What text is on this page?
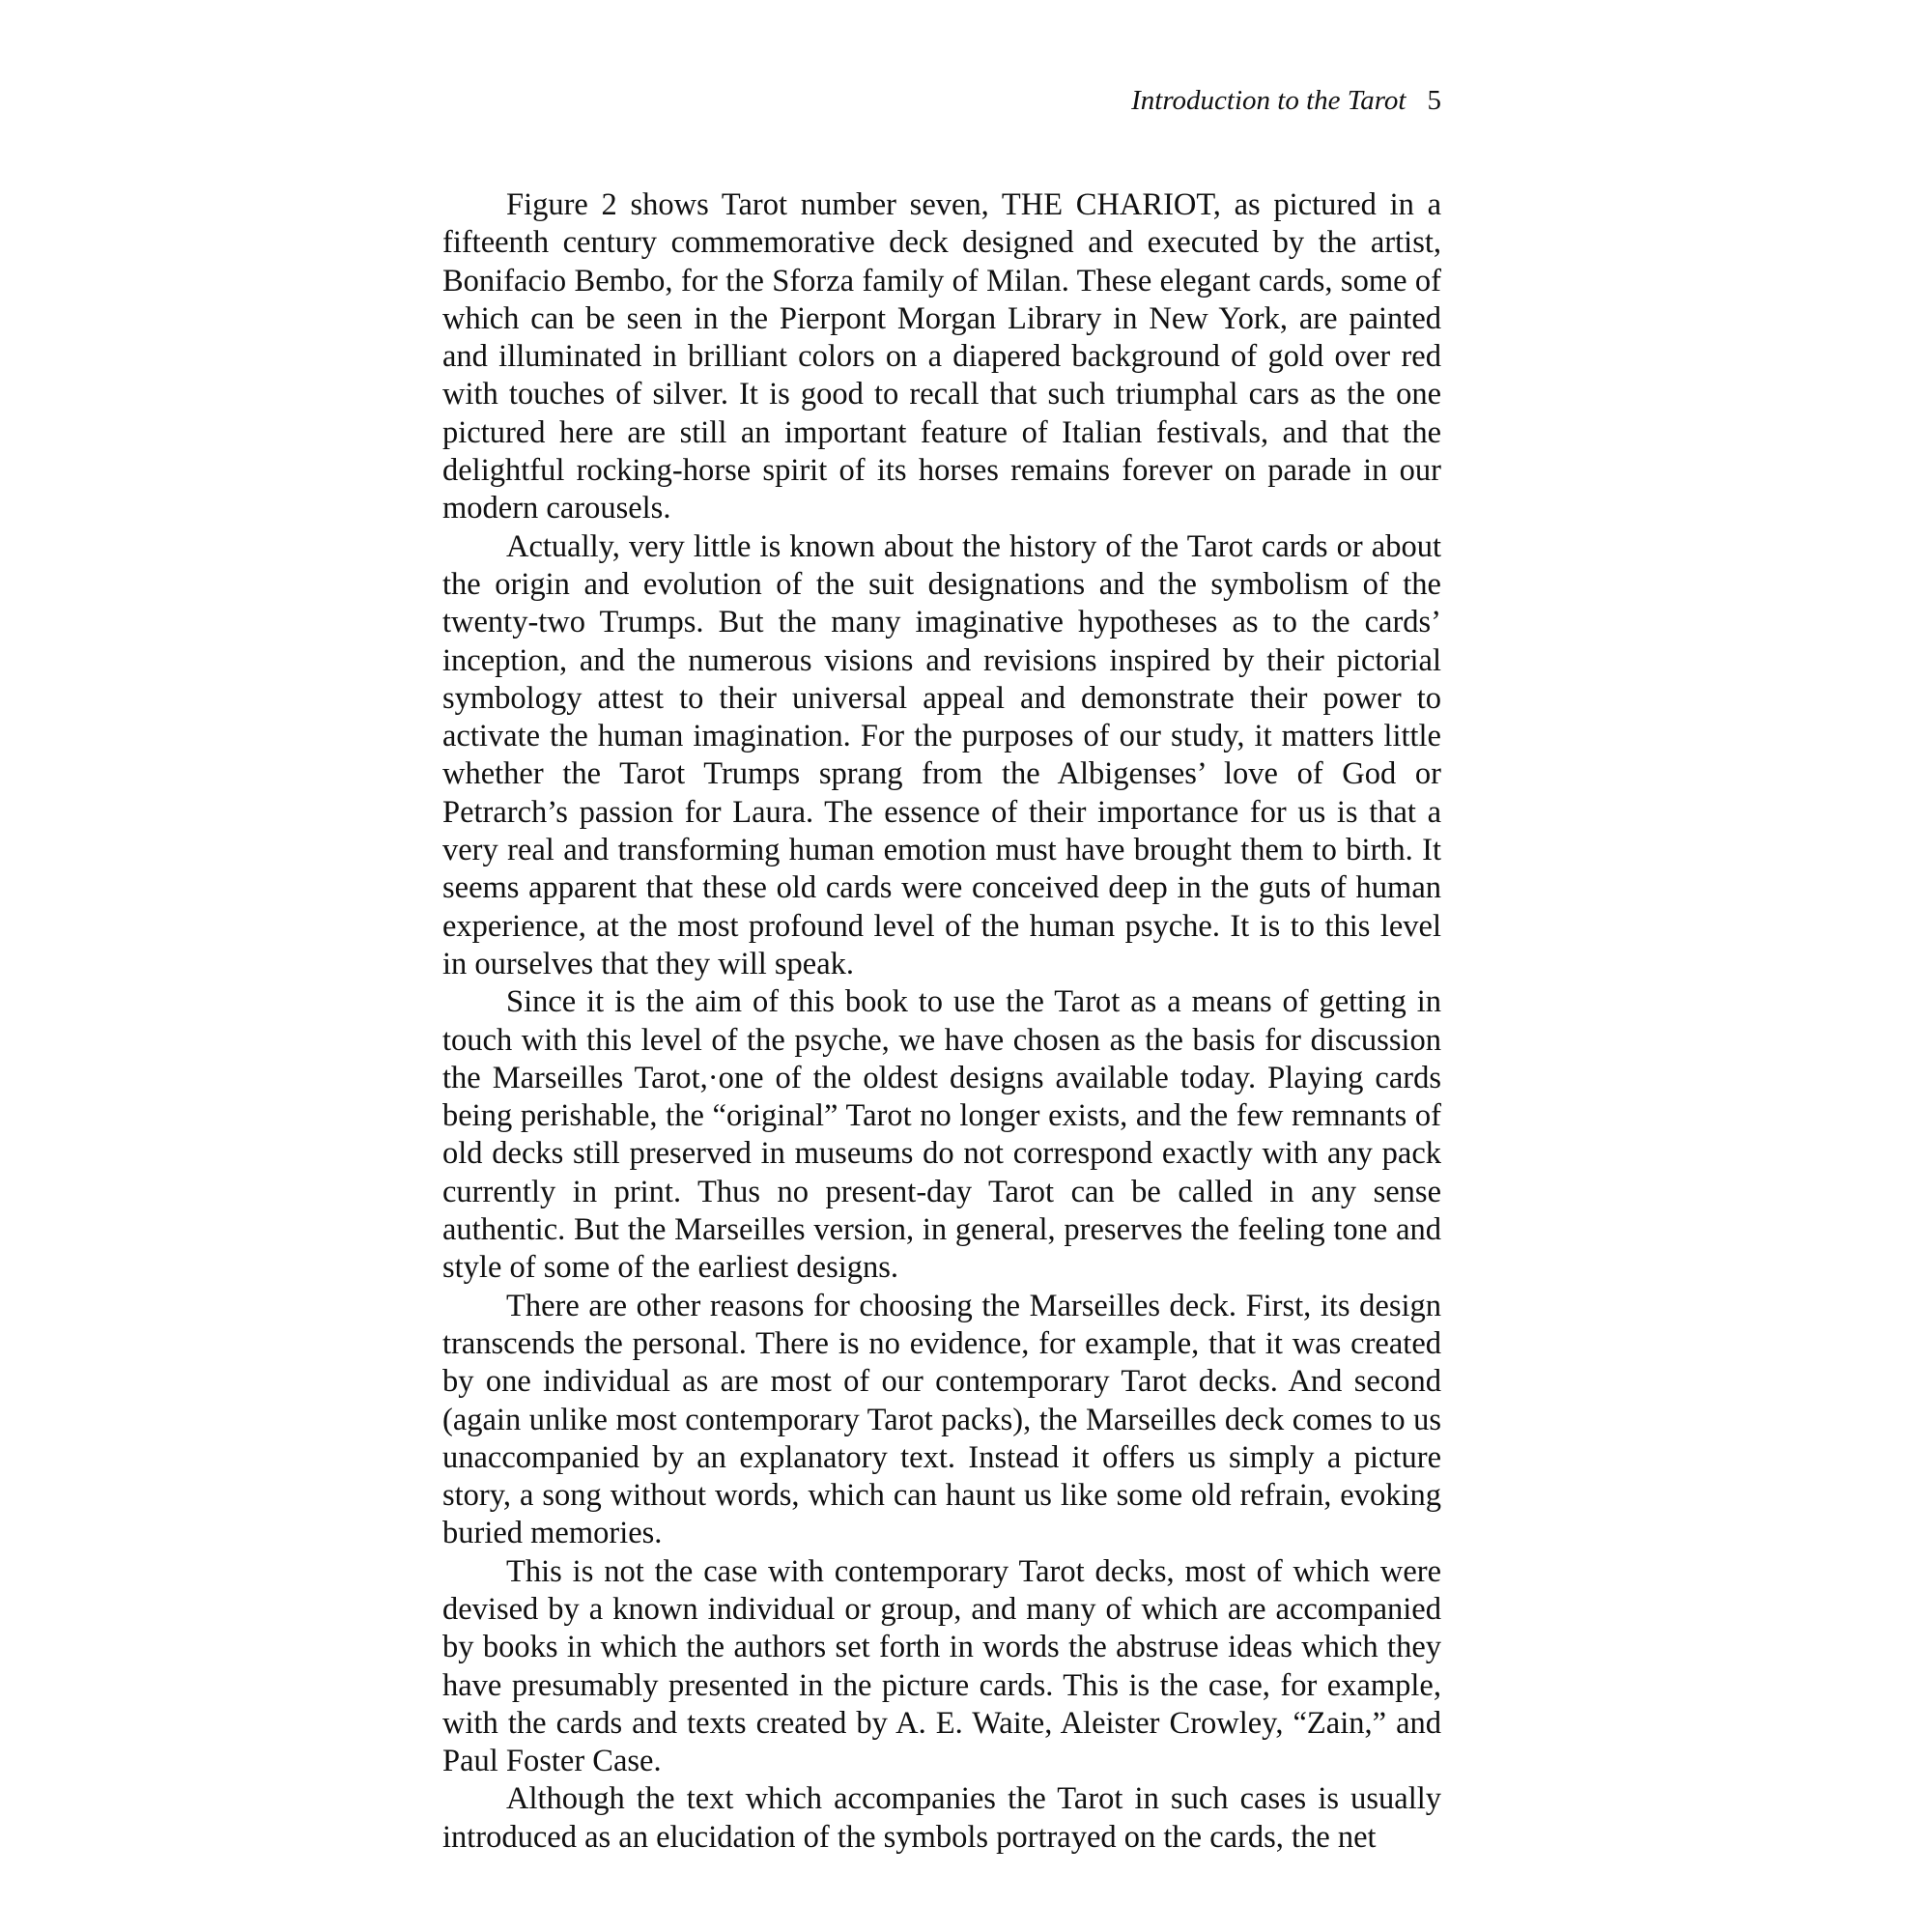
Introduction to the Tarot 5

Figure 2 shows Tarot number seven, THE CHARIOT, as pictured in a fifteenth century commemorative deck designed and executed by the artist, Bonifacio Bembo, for the Sforza family of Milan. These elegant cards, some of which can be seen in the Pierpont Morgan Library in New York, are painted and illuminated in brilliant colors on a diapered background of gold over red with touches of silver. It is good to recall that such triumphal cars as the one pictured here are still an important feature of Italian festivals, and that the delightful rocking-horse spirit of its horses remains forever on parade in our modern carousels.

Actually, very little is known about the history of the Tarot cards or about the origin and evolution of the suit designations and the symbolism of the twenty-two Trumps. But the many imaginative hypotheses as to the cards’ inception, and the numerous visions and revisions inspired by their pictorial symbology attest to their universal appeal and demonstrate their power to activate the human imagination. For the purposes of our study, it matters little whether the Tarot Trumps sprang from the Albigenses’ love of God or Petrarch’s passion for Laura. The essence of their importance for us is that a very real and transforming human emotion must have brought them to birth. It seems apparent that these old cards were conceived deep in the guts of human experience, at the most profound level of the human psyche. It is to this level in ourselves that they will speak.

Since it is the aim of this book to use the Tarot as a means of getting in touch with this level of the psyche, we have chosen as the basis for discussion the Marseilles Tarot,·one of the oldest designs available today. Playing cards being perishable, the “original” Tarot no longer exists, and the few remnants of old decks still preserved in museums do not correspond exactly with any pack currently in print. Thus no present-day Tarot can be called in any sense authentic. But the Marseilles version, in general, preserves the feeling tone and style of some of the earliest designs.

There are other reasons for choosing the Marseilles deck. First, its design transcends the personal. There is no evidence, for example, that it was created by one individual as are most of our contemporary Tarot decks. And second (again unlike most contemporary Tarot packs), the Marseilles deck comes to us unaccompanied by an explanatory text. Instead it offers us simply a picture story, a song without words, which can haunt us like some old refrain, evoking buried memories.

This is not the case with contemporary Tarot decks, most of which were devised by a known individual or group, and many of which are accompanied by books in which the authors set forth in words the abstruse ideas which they have presumably presented in the picture cards. This is the case, for example, with the cards and texts created by A. E. Waite, Aleister Crowley, “Zain,” and Paul Foster Case.

Although the text which accompanies the Tarot in such cases is usually introduced as an elucidation of the symbols portrayed on the cards, the net
